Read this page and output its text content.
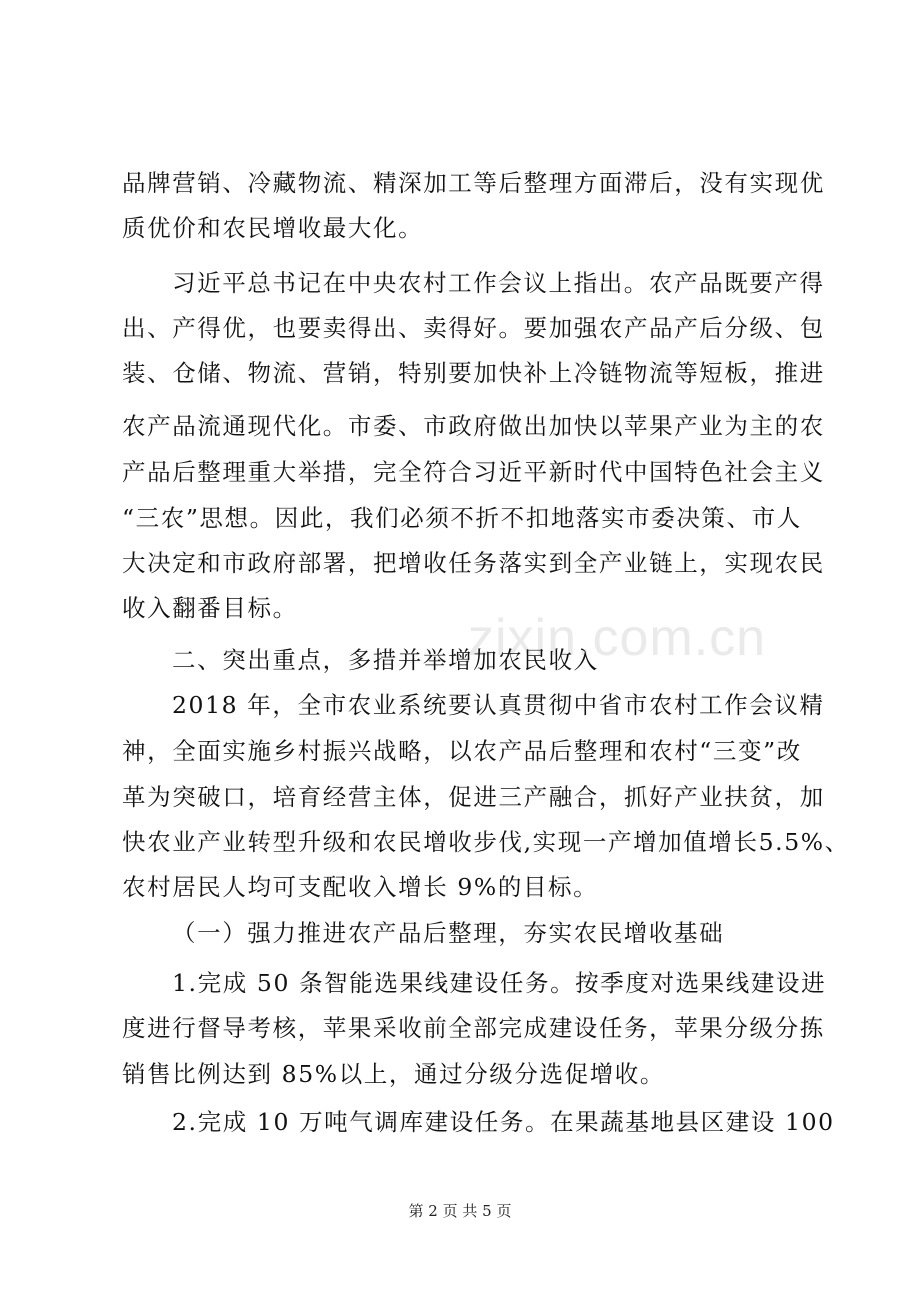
zixin.com.cn
品牌营销、冷藏物流、精深加工等后整理方面滞后，没有实现优
质优价和农民增收最大化。
习近平总书记在中央农村工作会议上指出。农产品既要产得
出、产得优，也要卖得出、卖得好。要加强农产品产后分级、包
装、仓储、物流、营销，特别要加快补上冷链物流等短板，推进
农产品流通现代化。市委、市政府做出加快以苹果产业为主的农
产品后整理重大举措，完全符合习近平新时代中国特色社会主义
“三农”思想。因此，我们必须不折不扣地落实市委决策、市人
大决定和市政府部署，把增收任务落实到全产业链上，实现农民
收入翻番目标。
二、突出重点，多措并举增加农民收入
2018 年，全市农业系统要认真贯彻中省市农村工作会议精
神，全面实施乡村振兴战略，以农产品后整理和农村“三变”改
革为突破口，培育经营主体，促进三产融合，抓好产业扶贫，加
快农业产业转型升级和农民增收步伐,实现一产增加值增长5.5%、
农村居民人均可支配收入增长 9%的目标。
（一）强力推进农产品后整理，夯实农民增收基础
1.完成 50 条智能选果线建设任务。按季度对选果线建设进
度进行督导考核，苹果采收前全部完成建设任务，苹果分级分拣
销售比例达到 85%以上，通过分级分选促增收。
2.完成 10 万吨气调库建设任务。在果蔬基地县区建设 100
第 2 页 共 5 页
